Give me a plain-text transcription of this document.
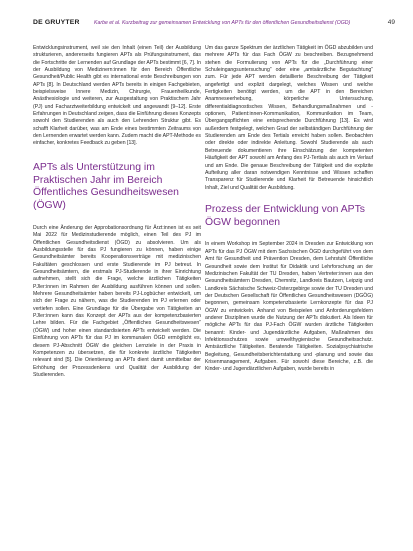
DE GRUYTER	Karbe et al. Kurzbeitrag zur gemeinsamen Entwicklung von APTs für den öffentlichen Gesundheitsdienst (ÖGD)	49

Entwicklungsinstrument, weil sie den Inhalt (einen Teil) der Ausbildung strukturieren, andererseits fungieren APTs als Prüfungsinstrument, das die Fortschritte der Lernenden auf Grundlage der APTs bestimmt [6, 7]. In der Ausbildung von Medizinern:innen für den Bereich Öffentliche Gesundheit/Public Health gibt es international erste Beschreibungen von APTs [8]. In Deutschland werden APTs bereits in einigen Fachgebieten, beispielsweise Innere Medizin, Chirurgie, Frauenheilkunde, Anästhesiologie und weiteren, zur Ausgestaltung von Praktischem Jahr (PJ) und Facharztweiterbildung entwickelt und angewandt [9–12]. Erste Erfahrungen in Deutschland zeigen, dass die Einführung dieses Konzepts sowohl den Studierenden als auch den Lehrenden Struktur gibt. Es schafft Klarheit darüber, was am Ende eines bestimmten Zeitraums von den Lernenden erwartet werden kann. Zudem macht die APT-Methode es einfacher, konkretes Feedback zu geben [13].

APTs als Unterstützung im Praktischen Jahr im Bereich Öffentliches Gesundheitswesen (ÖGW)

Durch eine Änderung der Approbationsordnung für Ärzt:innen ist es seit Mai 2022 für Medizinstudierende möglich, einen Teil des PJ im Öffentlichen Gesundheitsdienst (ÖGD) zu absolvieren. Um als Ausbildungsstelle für das PJ fungieren zu können, haben einige Gesundheitsämter bereits Kooperationsverträge mit medizinischen Fakultäten geschlossen und erste Studierende im PJ betreut. In Gesundheitsämtern, die erstmals PJ-Studierende in ihrer Einrichtung aufnehmen, stellt sich die Frage, welche ärztlichen Tätigkeiten PJler:innen im Rahmen der Ausbildung ausführen können und sollen. Mehrere Gesundheitsämter haben bereits PJ-Logbücher entwickelt, um sich der Frage zu nähern, was die Studierenden im PJ erlernen oder vertiefen sollen. Eine Grundlage für die Übergabe von Tätigkeiten an PJler:innen kann das Konzept der APTs aus der kompetenzbasierten Lehre bilden. Für die Fachgebiet „Öffentliches Gesundheitswesen“ (ÖGW) und hoher einen standardisierten APTs entwickelt werden. Die Einführung von APTs für das PJ im kommunalen ÖGD ermöglicht es, diesem PJ-Abschnitt ÖGW die gleichen Lernziele in der Praxis in Kompetenzen zu übersetzen, die für konkrete ärztliche Tätigkeiten relevant sind [5]. Die Orientierung an APTs dient damit unmittelbar der Erhöhung der Prozessdenkens und Qualität der Ausbildung der Studierenden.

Um das ganze Spektrum der ärztlichen Tätigkeit im ÖGD abzubilden und mehrere APTs für das Fach ÖGW zu beschreiben. Bezugnehmend stehen die Formulierung von APTs für die „Durchführung einer Schuleingangsuntersuchung“ oder eine „amtsärztliche Begutachtung“ zum. Für jede APT werden detaillierte Beschreibung der Tätigkeit angefertigt und explizit dargelegt, welches Wissen und welche Fertigkeiten benötigt werden, um die APT in den Bereichen Anamneseerhebung, körperliche Untersuchung, differentialdiagnostisches Wissen, Behandlungsmaßnahmen und -optionen, Patient:innen-Kommunikation, Kommunikation im Team, Übergangspflichten eine entsprechende Durchführung [13]. Es wird außerdem festgelegt, welchen Grad der selbständigen Durchführung der Studierenden am Ende des Tertials erreicht haben sollen. Beobachten oder direkte oder indirekte Anleitung. Sowohl Studierende als auch Betreuende dokumentieren ihre Einschätzung der kompetenten Häufigkeit der APT sowohl am Anfang des PJ-Tertials als auch im Verlauf und am Ende. Die genaue Beschreibung der Tätigkeit und die explizite Aufteilung aller daran notwendigen Kenntnisse und Wissen schaffen Transparenz für Studierende und Klarheit für Betreuende hinsichtlich Inhalt, Ziel und Qualität der Ausbildung.

Prozess der Entwicklung von APTs ÖGW begonnen

In einem Workshop im September 2024 in Dresden zur Entwicklung von APTs für das PJ ÖGW mit dem Sachsischen ÖGD durchgeführt von dem Amt für Gesundheit und Prävention Dresden, dem Lehrstuhl Öffentliche Gesundheit sowie dem Institut für Didaktik und Lehrforschung an der Medizinischen Fakultät der TU Dresden, haben Vertreter:innen aus den Gesundheitsämtern Dresden, Chemnitz, Landkreis Bautzen, Leipzig und Landkreis Sächsische Schweiz-Osterzgebirge sowie der TU Dresden und der Deutschen Gesellschaft für Öffentliches Gesundheitswesen (DGÖG) begonnen, gemeinsam kompetenzbasierte Lernkonzepte für das PJ ÖGW zu entwickeln. Anhand von Beispielen und Anforderungsfeldern anderer Disziplinen wurde die Nutzung der APTs diskutiert. Als Ideen für mögliche APTs für das PJ-Fach ÖGW wurden ärztliche Tätigkeiten benannt: Kinder- und Jugendärztliche Aufgaben, Maßnahmen des Infektionsschutzes sowie umwelthygienische Gesundheitsschutz. Amtsärztliche Tätigkeiten. Beratende Tätigkeiten. Sozialpsychiatrische Begleitung, Gesundheitsberichterstattung und -planung und sowie das Krisenmanagement, Aufgaben. Für sowohl diese Bereiche, z.B. die Kinder- und Jugendärztlichen Aufgaben, wurde bereits in
